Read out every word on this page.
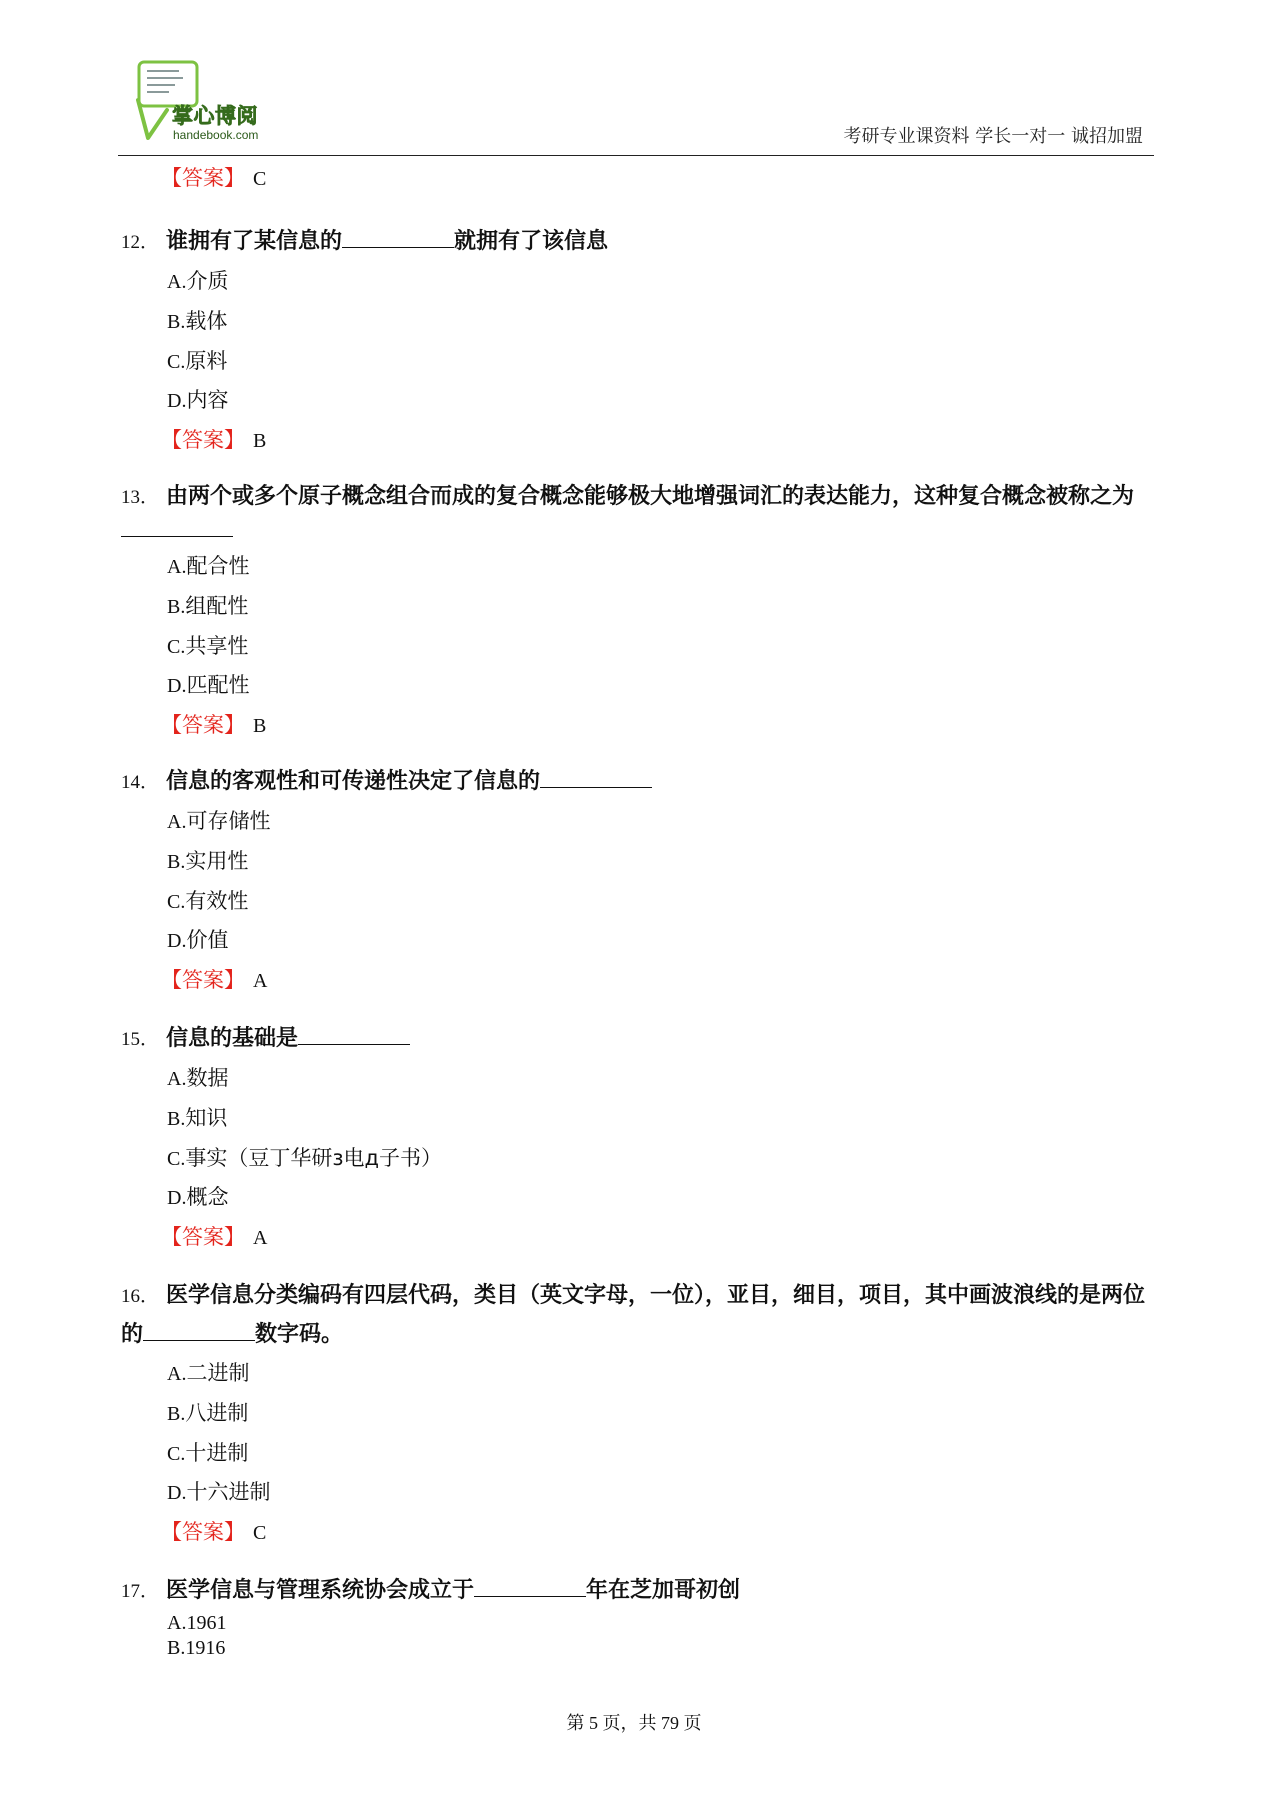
掌心博阅
handebook.com	考研专业课资料 学长一对一 诚招加盟
【答案】 C
12． 谁拥有了某信息的	就拥有了该信息
A.介质
B.载体
C.原料
D.内容
【答案】 B
13． 由两个或多个原子概念组合而成的复合概念能够极大地增强词汇的表达能力，这种复合概念被称之为
A.配合性
B.组配性
C.共享性
D.匹配性
【答案】 B
14． 信息的客观性和可传递性决定了信息的
A.可存储性
B.实用性
C.有效性
D.价值
【答案】 A
15． 信息的基础是
A.数据
B.知识
C.事实（豆丁华研з电д子书）
D.概念
【答案】 A
16． 医学信息分类编码有四层代码，类目（英文字母，一位），亚目，细目，项目，其中画波浪线的是两位的	数字码。
A.二进制
B.八进制
C.十进制
D.十六进制
【答案】 C
17． 医学信息与管理系统协会成立于	年在芝加哥初创
A.1961
B.1916
第 5 页，共 79 页
